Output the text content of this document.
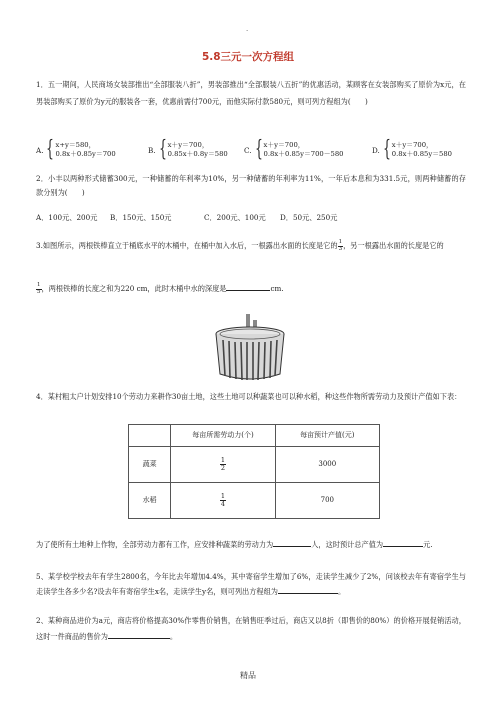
·
5.8三元一次方程组
1．五一期间，人民商场女装部推出“全部服装八折”，男装部推出“全部服装八五折”的优惠活动，某顾客在女装部购买了原价为x元，在男装部购买了原价为y元的服装各一套，优惠前需付700元，而他实际付款580元，则可列方程组为(　　)
A. { x+y＝580，
0.8x＋0.85y＝700	B. { x＋y＝700，
0.85x＋0.8y＝580 C. { x＋y＝700，
0.8x＋0.85y＝700－580	D. { x＋y＝700，
0.8x＋0.85y＝580
2．小丰以两种形式储蓄300元，一种储蓄的年利率为10%，另一种储蓄的年利率为11%，一年后本息和为331.5元，则两种储蓄的存款分别为(　　)
A．100元、200元 B．150元、150元	C．200元、100元 D．50元、250元
3.如图所示，两根铁棒直立于桶底水平的木桶中，在桶中加入水后，一根露出水面的长度是它的 $\frac{1}{3}$ ，另一根露出水面的长度是它的
$\frac{1}{5}$ ，两根铁棒的长度之和为220 cm，此时木桶中水的深度是	cm.
4．某村粗太户计划安排10个劳动力来耕作30亩土地，这些土地可以种蔬菜也可以种水稻，种这些作物所需劳动力及预计产值如下表：
	每亩所需劳动力(个)	每亩预计产值(元)
蔬菜	$\frac{1}{2}$	3000
水稻	$\frac{1}{4}$	700
为了使所有土地种上作物，全部劳动力都有工作，应安排种蔬菜的劳动力为	人，这时预计总产值为	元.
5、某学校学校去年有学生2800名，今年比去年增加4.4%，其中寄宿学生增加了6%，走读学生减少了2%，问该校去年有寄宿学生与走读学生各多少名?设去年有寄宿学生x名，走读学生y名，则可列出方程组为	。
2、某种商品进价为a元，商店将价格提高30%作零售价销售，在销售旺季过后，商店又以8折（即售价的80%）的价格开展促销活动，这时一件商品的售价为	。
精品
